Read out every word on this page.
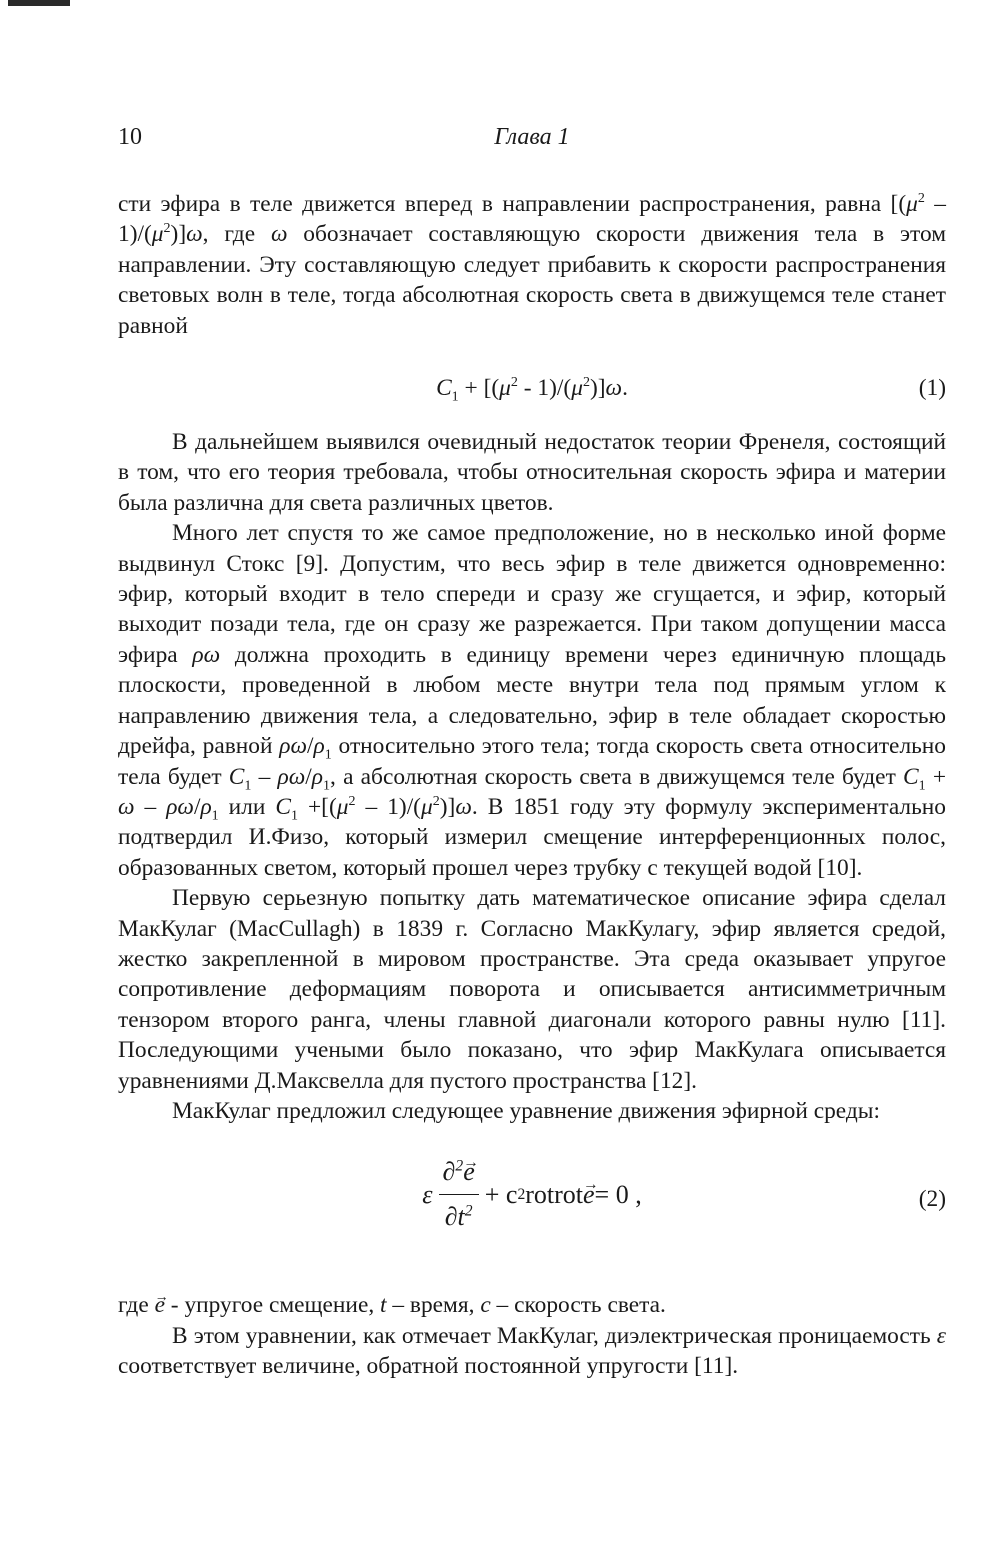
10	Глава 1

сти эфира в теле движется вперед в направлении распространения, равна $[(\mu^2 - 1)/(\mu^2)]\omega$, где ω обозначает составляющую скорости движения тела в этом направлении. Эту составляющую следует прибавить к скорости распространения световых волн в теле, тогда абсолютная скорость света в движущемся теле станет равной

$C_1 + [(\mu^2 - 1)/(\mu^2)]\omega$.	(1)

В дальнейшем выявился очевидный недостаток теории Френеля, состоящий в том, что его теория требовала, чтобы относительная скорость эфира и материи была различна для света различных цветов.

Много лет спустя то же самое предположение, но в несколько иной форме выдвинул Стокс [9]. Допустим, что весь эфир в теле движется одновременно: эфир, который входит в тело спереди и сразу же сгущается, и эфир, который выходит позади тела, где он сразу же разрежается. При таком допущении масса эфира ρω должна проходить в единицу времени через единичную площадь плоскости, проведенной в любом месте внутри тела под прямым углом к направлению движения тела, а следовательно, эфир в теле обладает скоростью дрейфа, равной $\rho\omega/\rho_1$ относительно этого тела; тогда скорость света относительно тела будет $C_1 - \rho\omega/\rho_1$, а абсолютная скорость света в движущемся теле будет $C_1 + \omega - \rho\omega/\rho_1$ или $C_1 +[(\mu^2 - 1)/(\mu^2)]\omega$. В 1851 году эту формулу экспериментально подтвердил И.Физо, который измерил смещение интерференционных полос, образованных светом, который прошел через трубку с текущей водой [10].

Первую серьезную попытку дать математическое описание эфира сделал МакКулаг (MacCullagh) в 1839 г. Согласно МакКулагу, эфир является средой, жестко закрепленной в мировом пространстве. Эта среда оказывает упругое сопротивление деформациям поворота и описывается антисимметричным тензором второго ранга, члены главной диагонали которого равны нулю [11]. Последующими учеными было показано, что эфир МакКулага описывается уравнениями Д.Максвелла для пустого пространства [12].

МакКулаг предложил следующее уравнение движения эфирной среды:

ε $\frac{\partial^2\to e}{\partial t^2} + c$ 2 rotrot
→ e = 0 ,	(2)

где → e - упругое смещение, t – время, c – скорость света.

В этом уравнении, как отмечает МакКулаг, диэлектрическая проницаемость ε соответствует величине, обратной постоянной упругости [11].
